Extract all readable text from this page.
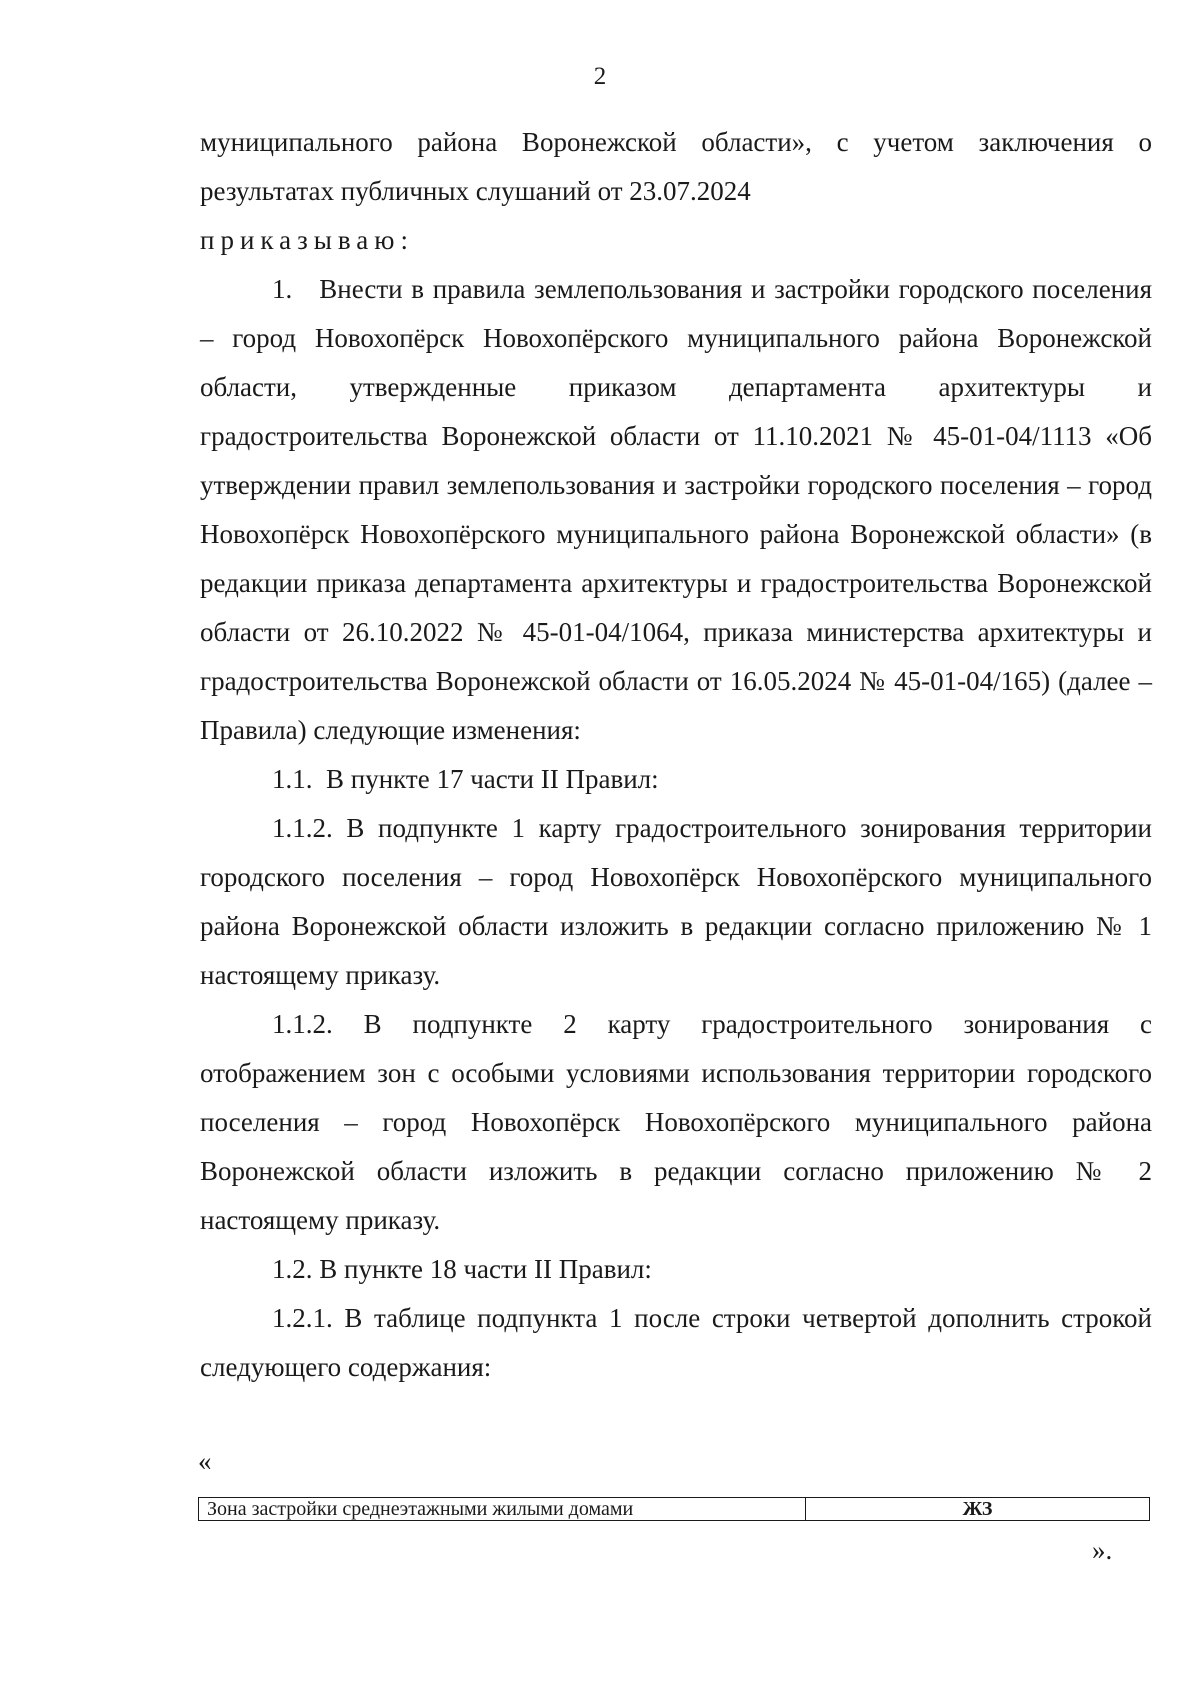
2

муниципального района Воронежской области», с учетом заключения о результатах публичных слушаний от 23.07.2024

приказываю:

1. Внести в правила землепользования и застройки городского поселения – город Новохопёрск Новохопёрского муниципального района Воронежской области, утвержденные приказом департамента архитектуры и градостроительства Воронежской области от 11.10.2021 № 45-01-04/1113 «Об утверждении правил землепользования и застройки городского поселения – город Новохопёрск Новохопёрского муниципального района Воронежской области» (в редакции приказа департамента архитектуры и градостроительства Воронежской области от 26.10.2022 № 45-01-04/1064, приказа министерства архитектуры и градостроительства Воронежской области от 16.05.2024 № 45-01-04/165) (далее – Правила) следующие изменения:

1.1. В пункте 17 части II Правил:

1.1.2. В подпункте 1 карту градостроительного зонирования территории городского поселения – город Новохопёрск Новохопёрского муниципального района Воронежской области изложить в редакции согласно приложению № 1 настоящему приказу.

1.1.2. В подпункте 2 карту градостроительного зонирования с отображением зон с особыми условиями использования территории городского поселения – город Новохопёрск Новохопёрского муниципального района Воронежской области изложить в редакции согласно приложению № 2 настоящему приказу.

1.2. В пункте 18 части II Правил:

1.2.1. В таблице подпункта 1 после строки четвертой дополнить строкой следующего содержания:

«
Зона застройки среднеэтажными жилыми домами	ЖЗ
».
